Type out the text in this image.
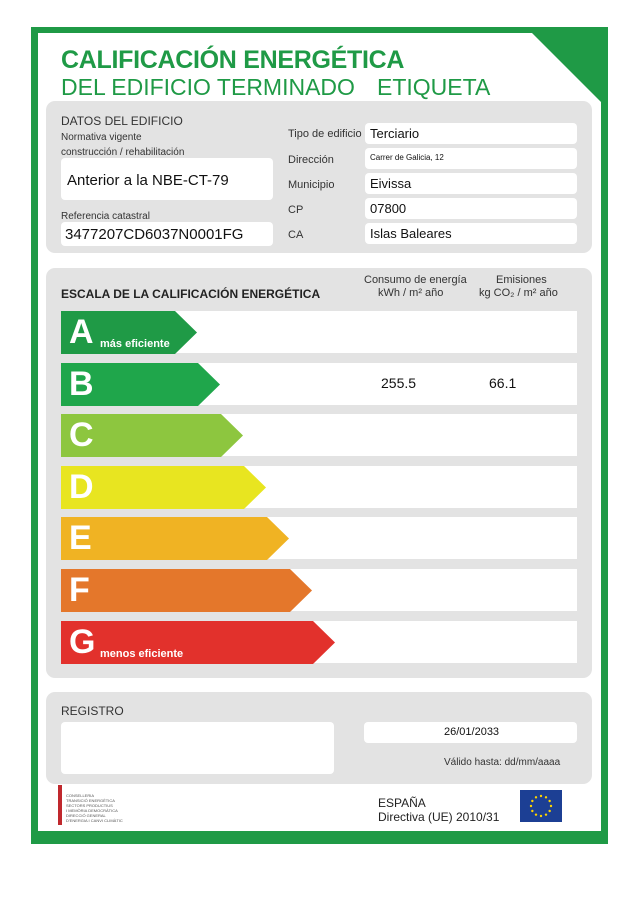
CALIFICACIÓN ENERGÉTICA
DEL EDIFICIO TERMINADO ETIQUETA
DATOS DEL EDIFICIO
Normativa vigente
construcción / rehabilitación
Anterior a la NBE-CT-79
Referencia catastral
3477207CD6037N0001FG
Tipo de edificio Terciario
Dirección	Carrer de Galicia, 12
Municipio	Eivissa
CP	07800
CA	Islas Baleares
ESCALA DE LA CALIFICACIÓN ENERGÉTICA
Consumo de energía
kWh / m² año
Emisiones
kg CO₂ / m² año
A más eficiente
B	255.5	66.1
C
D
E
F
G menos eficiente
REGISTRO
26/01/2033
Válido hasta: dd/mm/aaaa
CONSELLERIA
TRANSICIÓ ENERGÈTICA
SECTORS PRODUCTIUS
I MEMÒRIA DEMOCRÀTICA
DIRECCIÓ GENERAL
D'ENERGIA I CANVI CLIMÀTIC
ESPAÑA
Directiva (UE) 2010/31
